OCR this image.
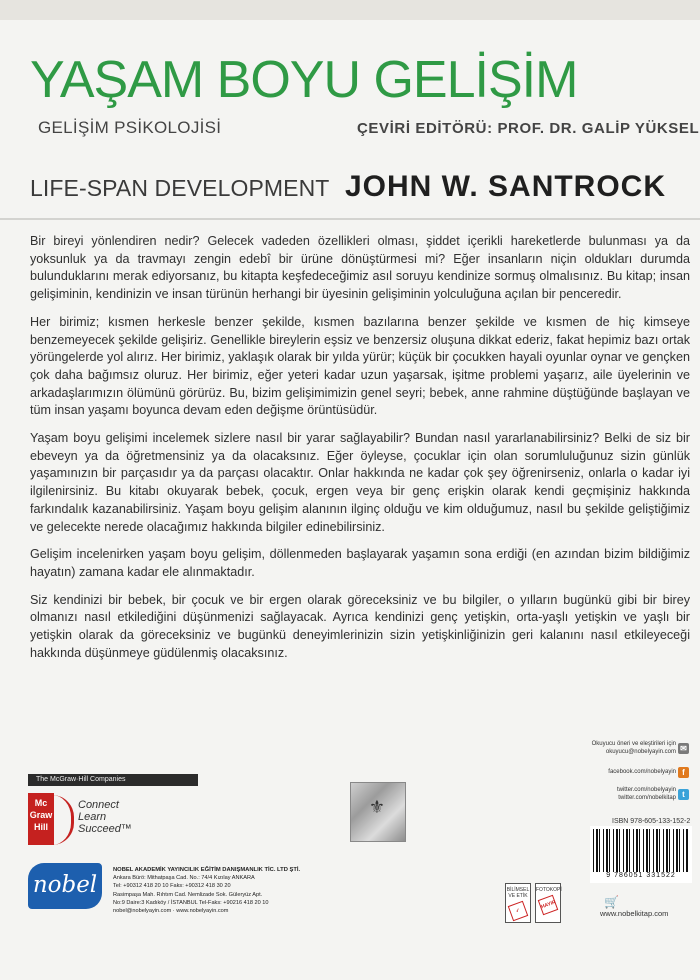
YAŞAM BOYU GELİŞİM
GELİŞİM PSİKOLOJİSİ	ÇEVİRİ EDİTÖRÜ: PROF. DR. GALİP YÜKSEL
LIFE-SPAN DEVELOPMENT JOHN W. SANTROCK

Bir bireyi yönlendiren nedir? Gelecek vadeden özellikleri olması, şiddet içerikli hareketlerde bulunması ya da yoksunluk ya da travmayı zengin edebî bir ürüne dönüştürmesi mi? Eğer insanların niçin oldukları durumda bulunduklarını merak ediyorsanız, bu kitapta keşfedeceğimiz asıl soruyu kendinize sormuş olmalısınız. Bu kitap; insan gelişiminin, kendinizin ve insan türünün herhangi bir üyesinin gelişiminin yolculuğuna açılan bir penceredir.

Her birimiz; kısmen herkesle benzer şekilde, kısmen bazılarına benzer şekilde ve kısmen de hiç kimseye benzemeyecek şekilde gelişiriz. Genellikle bireylerin eşsiz ve benzersiz oluşuna dikkat ederiz, fakat hepimiz bazı ortak yörüngelerde yol alırız. Her birimiz, yaklaşık olarak bir yılda yürür; küçük bir çocukken hayali oyunlar oynar ve gençken çok daha bağımsız oluruz. Her birimiz, eğer yeteri kadar uzun yaşarsak, işitme problemi yaşarız, aile üyelerinin ve arkadaşlarımızın ölümünü görürüz. Bu, bizim gelişimimizin genel seyri; bebek, anne rahmine düştüğünde başlayan ve tüm insan yaşamı boyunca devam eden değişme örüntüsüdür.

Yaşam boyu gelişimi incelemek sizlere nasıl bir yarar sağlayabilir? Bundan nasıl yararlanabilirsiniz? Belki de siz bir ebeveyn ya da öğretmensiniz ya da olacaksınız. Eğer öyleyse, çocuklar için olan sorumluluğunuz sizin günlük yaşamınızın bir parçasıdır ya da parçası olacaktır. Onlar hakkında ne kadar çok şey öğrenirseniz, onlarla o kadar iyi ilgilenirsiniz. Bu kitabı okuyarak bebek, çocuk, ergen veya bir genç erişkin olarak kendi geçmişiniz hakkında farkındalık kazanabilirsiniz. Yaşam boyu gelişim alanının ilginç olduğu ve kim olduğumuz, nasıl bu şekilde geliştiğimiz ve gelecekte nerede olacağımız hakkında bilgiler edinebilirsiniz.

Gelişim incelenirken yaşam boyu gelişim, döllenmeden başlayarak yaşamın sona erdiği (en azından bizim bildiğimiz hayatın) zamana kadar ele alınmaktadır.

Siz kendinizi bir bebek, bir çocuk ve bir ergen olarak göreceksiniz ve bu bilgiler, o yılların bugünkü gibi bir birey olmanızı nasıl etkilediğini düşünmenizi sağlayacak. Ayrıca kendinizi genç yetişkin, orta-yaşlı yetişkin ve yaşlı bir yetişkin olarak da göreceksiniz ve bugünkü deneyimlerinizin sizin yetişkinliğinizin geri kalanını nasıl etkileyeceği hakkında düşünmeye güdülenmiş olacaksınız.

The McGraw·Hill Companies
Mc
Graw
Hill
Connect
Learn
Succeed™
nobel
NOBEL AKADEMİK YAYINCILIK EĞİTİM DANIŞMANLIK TİC. LTD ŞTİ.
Ankara Bürö: Mithatpaşa Cad. No.: 74/4 Kızılay ANKARA
Tel: +90312 418 20 10 Faks: +90312 418 30 20
Rasimpaşa Mah. Rıhtım Cad. Nemlizade Sok. Güleryüz Apt.
No:9 Daire:3 Kadıköy / İSTANBUL Tel-Faks: +90216 418 20 10
nobel@nobelyayin.com · www.nobelyayin.com
⚜
Okuyucu öneri ve eleştirileri için
okuyucu@nobelyayin.com ✉
facebook.com/nobelyayin f
twitter.com/nobelyayin
twitter.com/nobelkitap t
ISBN 978-605-133-152-2
9 786051 331522
BİLİMSEL VE ETİK
✓
FOTOKOPİ
HAYIR	🛒
www.nobelkitap.com
